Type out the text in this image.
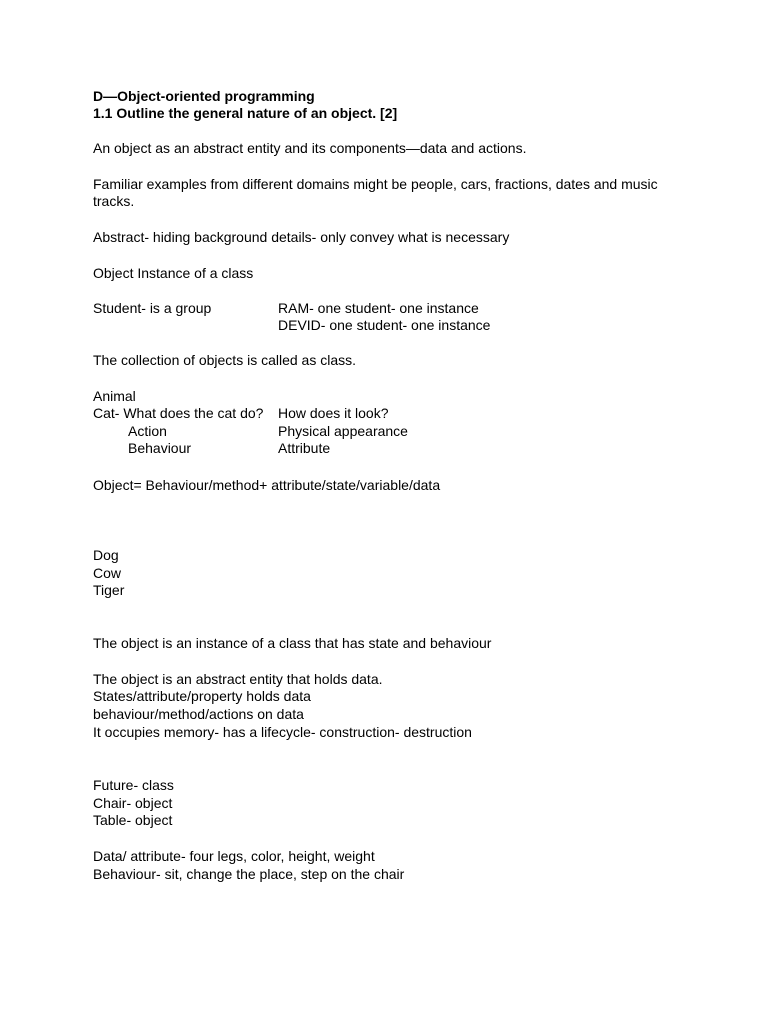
D—Object-oriented programming
1.1 Outline the general nature of an object. [2]
An object as an abstract entity and its components—data and actions.
Familiar examples from different domains might be people, cars, fractions, dates and music
tracks.
Abstract- hiding background details- only convey what is necessary
Object Instance of a class
Student- is a group	RAM- one student- one instance
DEVID- one student- one instance
The collection of objects is called as class.
Animal
Cat- What does the cat do? How does it look?
Action	Physical appearance
Behaviour	Attribute
Object= Behaviour/method+ attribute/state/variable/data
Dog
Cow
Tiger
The object is an instance of a class that has state and behaviour
The object is an abstract entity that holds data.
States/attribute/property holds data
behaviour/method/actions on data
It occupies memory- has a lifecycle- construction- destruction
Future- class
Chair- object
Table- object
Data/ attribute- four legs, color, height, weight
Behaviour- sit, change the place, step on the chair
